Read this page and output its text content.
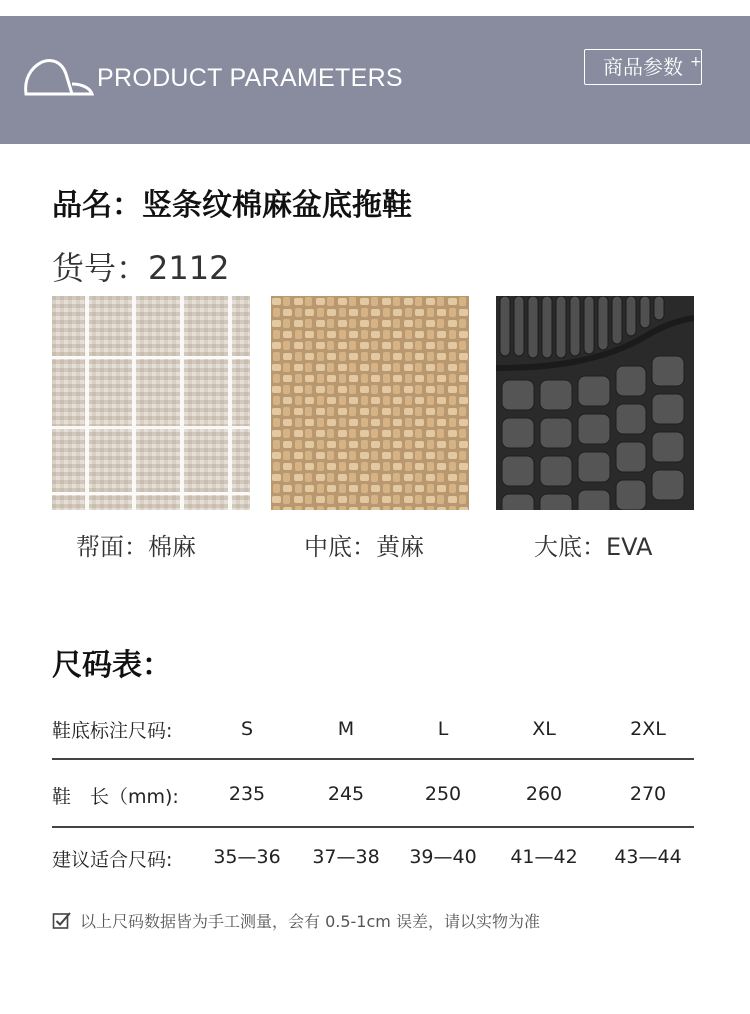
PRODUCT PARAMETERS	商品参数 +
品名：竖条纹棉麻盆底拖鞋
货号：2112
帮面：棉麻	中底：黄麻	大底：EVA
尺码表：
鞋底标注尺码:	S	M	L	XL	2XL
鞋　长（mm):	235	245	250	260	270
建议适合尺码:	35—36	37—38	39—40	41—42	43—44
以上尺码数据皆为手工测量，会有 0.5-1cm 误差，请以实物为准
